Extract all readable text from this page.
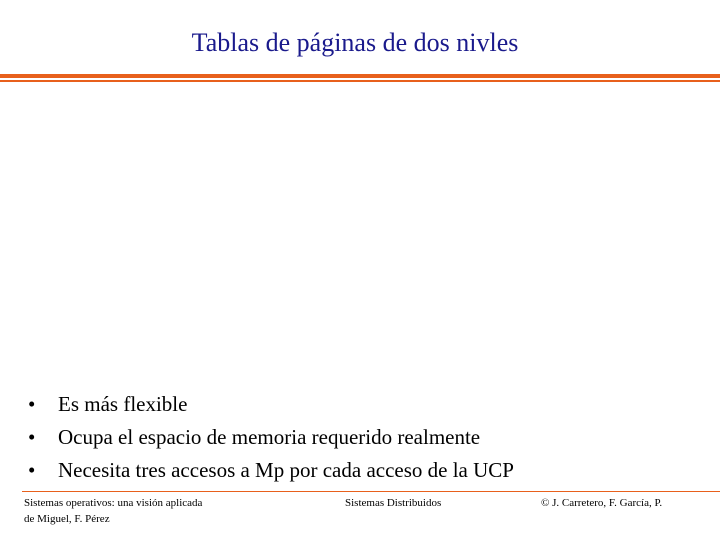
Tablas de páginas de dos nivles
• Es más flexible
• Ocupa el espacio de memoria requerido realmente
• Necesita tres accesos a Mp por cada acceso de la UCP
Sistemas operativos: una visión aplicada
de Miguel, F. Pérez
Sistemas Distribuidos	© J. Carretero, F. García, P.
